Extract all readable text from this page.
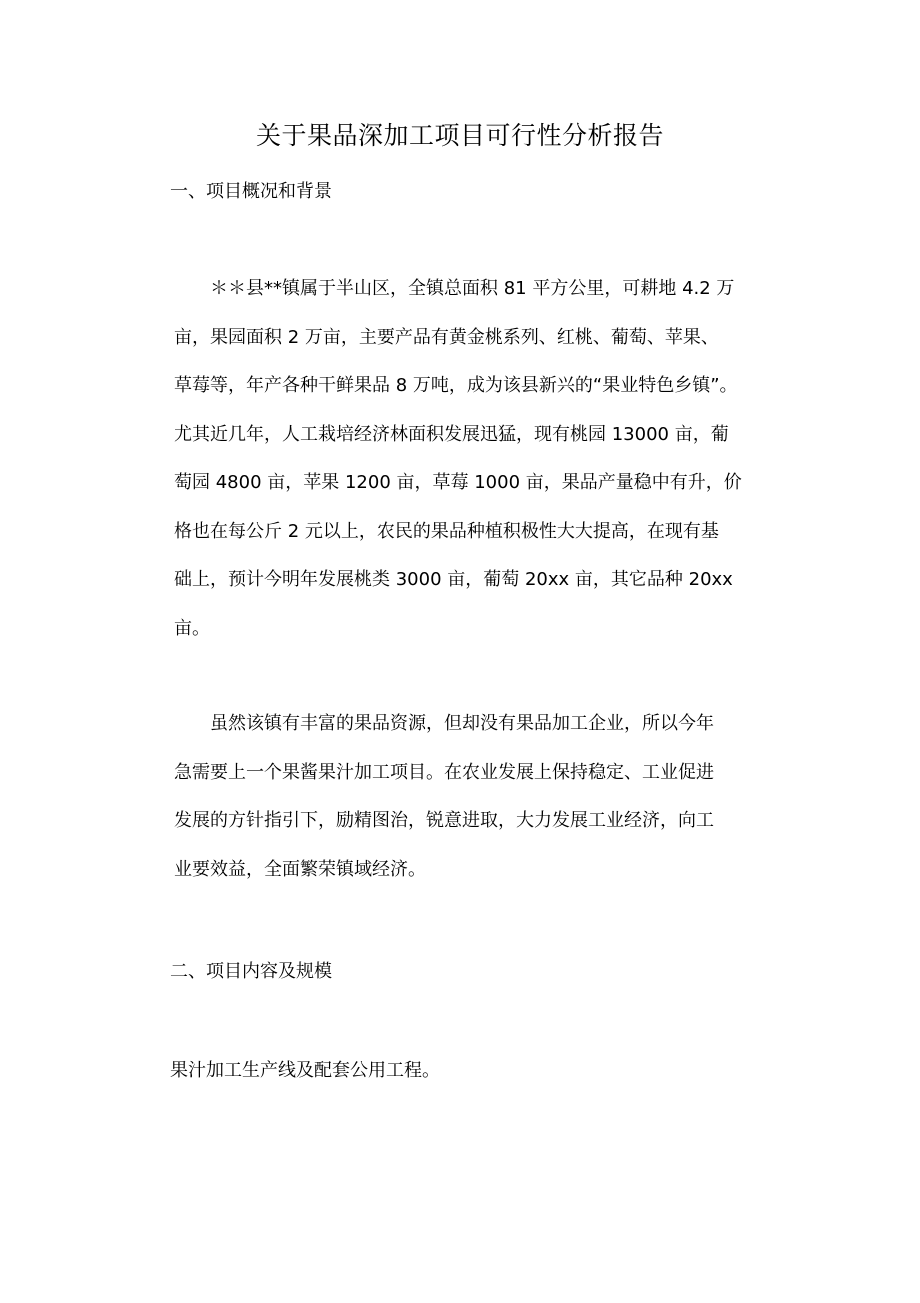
关于果品深加工项目可行性分析报告
一、项目概况和背景
＊＊县**镇属于半山区，全镇总面积 81 平方公里，可耕地 4.2 万
亩，果园面积 2 万亩，主要产品有黄金桃系列、红桃、葡萄、苹果、
草莓等，年产各种干鲜果品 8 万吨，成为该县新兴的“果业特色乡镇”。
尤其近几年，人工栽培经济林面积发展迅猛，现有桃园 13000 亩，葡
萄园 4800 亩，苹果 1200 亩，草莓 1000 亩，果品产量稳中有升，价
格也在每公斤 2 元以上，农民的果品种植积极性大大提高，在现有基
础上，预计今明年发展桃类 3000 亩，葡萄 20xx 亩，其它品种 20xx
亩。
虽然该镇有丰富的果品资源，但却没有果品加工企业，所以今年
急需要上一个果酱果汁加工项目。在农业发展上保持稳定、工业促进
发展的方针指引下，励精图治，锐意进取，大力发展工业经济，向工
业要效益，全面繁荣镇域经济。
二、项目内容及规模
果汁加工生产线及配套公用工程。
